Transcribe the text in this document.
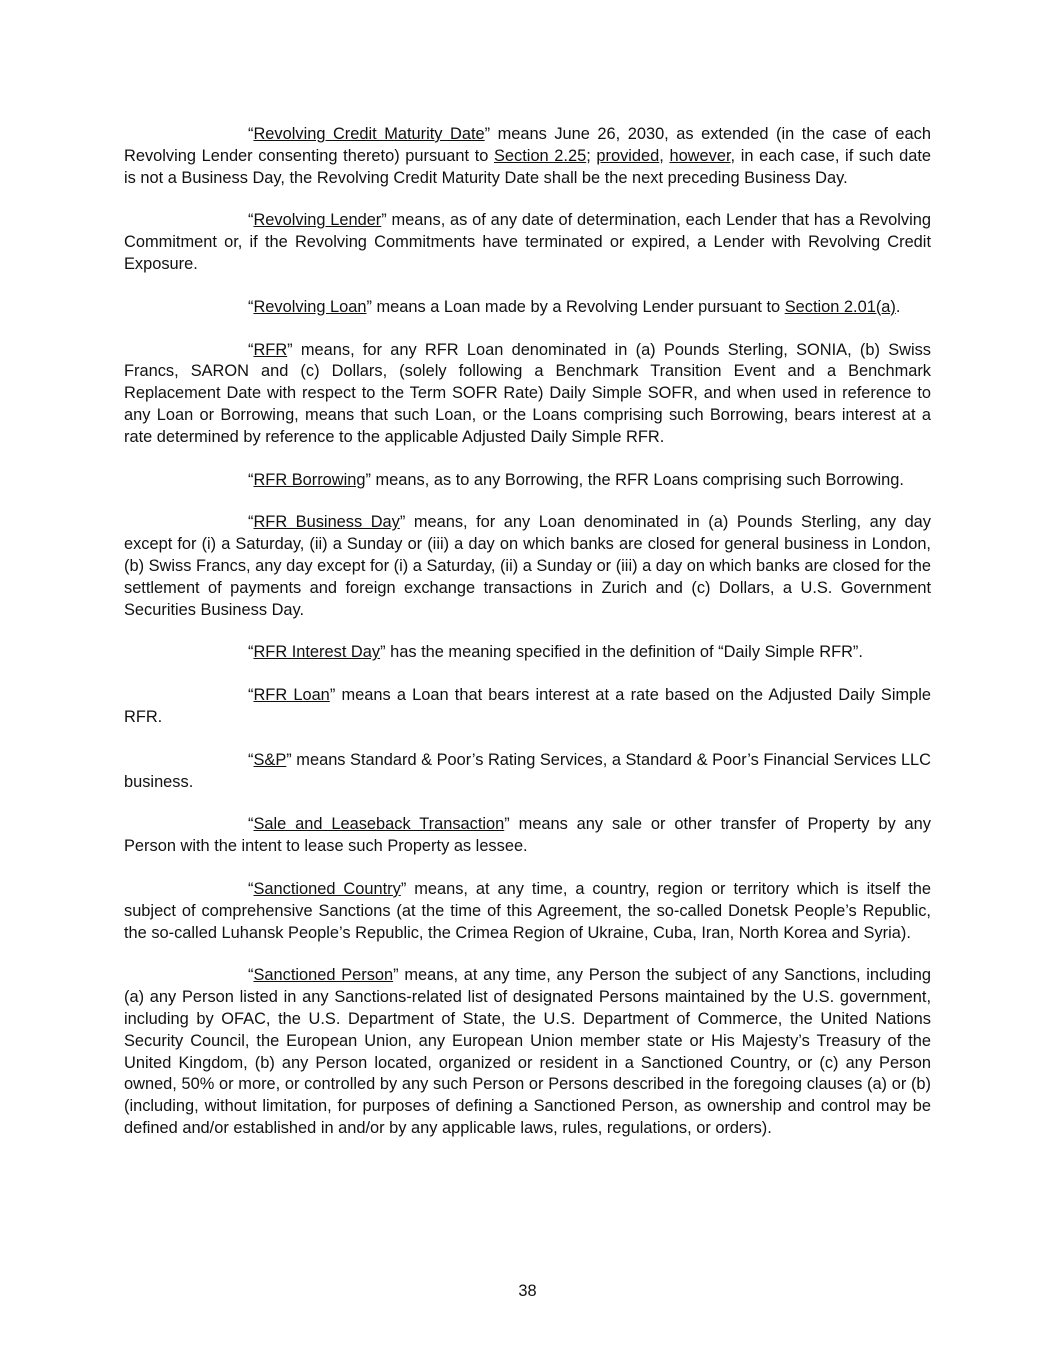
“Revolving Credit Maturity Date” means June 26, 2030, as extended (in the case of each Revolving Lender consenting thereto) pursuant to Section 2.25; provided, however, in each case, if such date is not a Business Day, the Revolving Credit Maturity Date shall be the next preceding Business Day.

“Revolving Lender” means, as of any date of determination, each Lender that has a Revolving Commitment or, if the Revolving Commitments have terminated or expired, a Lender with Revolving Credit Exposure.

“Revolving Loan” means a Loan made by a Revolving Lender pursuant to Section 2.01(a).

“RFR” means, for any RFR Loan denominated in (a) Pounds Sterling, SONIA, (b) Swiss Francs, SARON and (c) Dollars, (solely following a Benchmark Transition Event and a Benchmark Replacement Date with respect to the Term SOFR Rate) Daily Simple SOFR, and when used in reference to any Loan or Borrowing, means that such Loan, or the Loans comprising such Borrowing, bears interest at a rate determined by reference to the applicable Adjusted Daily Simple RFR.

“RFR Borrowing” means, as to any Borrowing, the RFR Loans comprising such Borrowing.

“RFR Business Day” means, for any Loan denominated in (a) Pounds Sterling, any day except for (i) a Saturday, (ii) a Sunday or (iii) a day on which banks are closed for general business in London, (b) Swiss Francs, any day except for (i) a Saturday, (ii) a Sunday or (iii) a day on which banks are closed for the settlement of payments and foreign exchange transactions in Zurich and (c) Dollars, a U.S. Government Securities Business Day.

“RFR Interest Day” has the meaning specified in the definition of “Daily Simple RFR”.

“RFR Loan” means a Loan that bears interest at a rate based on the Adjusted Daily Simple RFR.

“S&P” means Standard & Poor’s Rating Services, a Standard & Poor’s Financial Services LLC business.

“Sale and Leaseback Transaction” means any sale or other transfer of Property by any Person with the intent to lease such Property as lessee.

“Sanctioned Country” means, at any time, a country, region or territory which is itself the subject of comprehensive Sanctions (at the time of this Agreement, the so-called Donetsk People’s Republic, the so-called Luhansk People’s Republic, the Crimea Region of Ukraine, Cuba, Iran, North Korea and Syria).

“Sanctioned Person” means, at any time, any Person the subject of any Sanctions, including (a) any Person listed in any Sanctions-related list of designated Persons maintained by the U.S. government, including by OFAC, the U.S. Department of State, the U.S. Department of Commerce, the United Nations Security Council, the European Union, any European Union member state or His Majesty’s Treasury of the United Kingdom, (b) any Person located, organized or resident in a Sanctioned Country, or (c) any Person owned, 50% or more, or controlled by any such Person or Persons described in the foregoing clauses (a) or (b) (including, without limitation, for purposes of defining a Sanctioned Person, as ownership and control may be defined and/or established in and/or by any applicable laws, rules, regulations, or orders).

38
